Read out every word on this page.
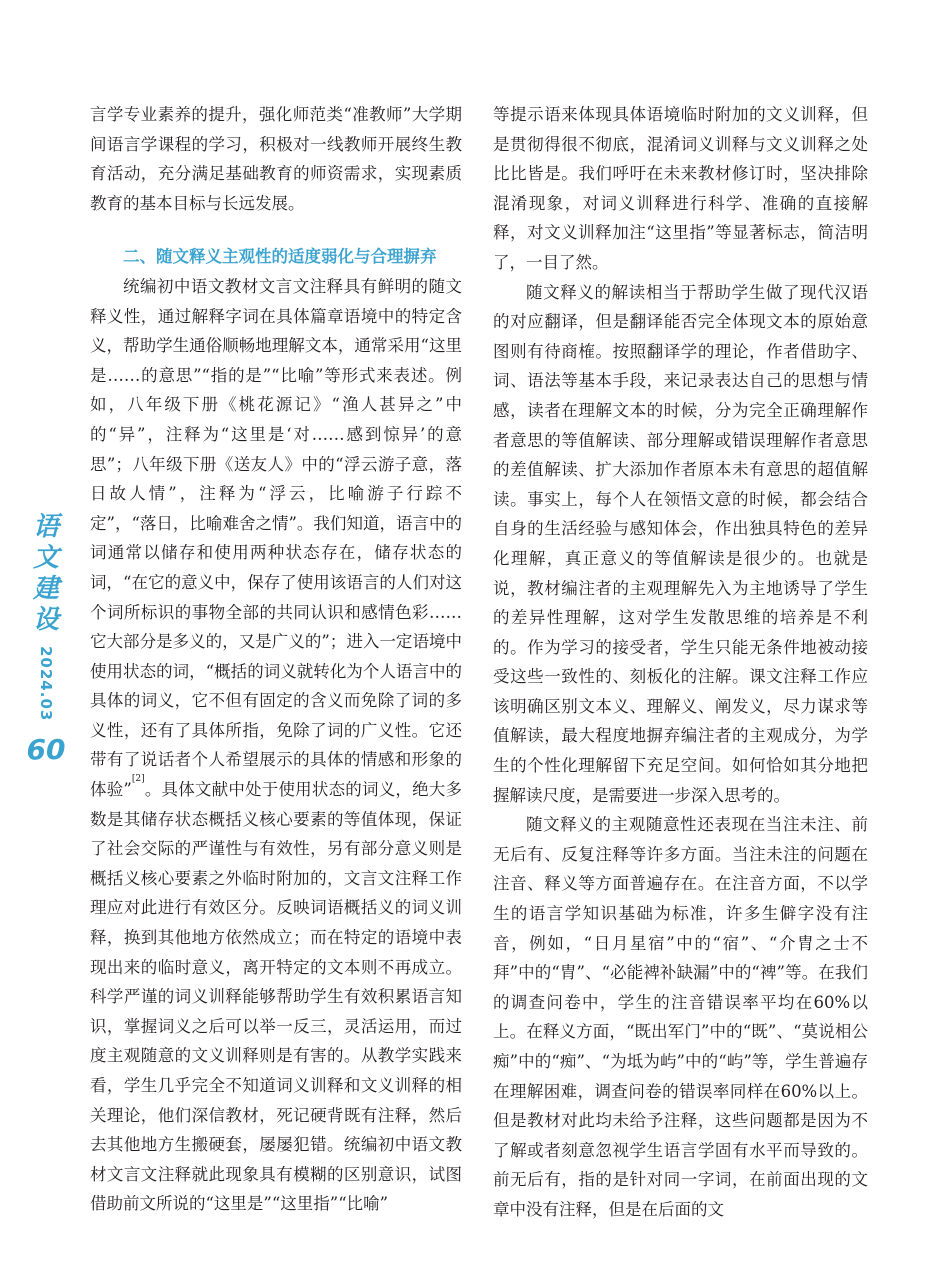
言学专业素养的提升，强化师范类“准教师”大学期间语言学课程的学习，积极对一线教师开展终生教育活动，充分满足基础教育的师资需求，实现素质教育的基本目标与长远发展。

二、随文释义主观性的适度弱化与合理摒弃

统编初中语文教材文言文注释具有鲜明的随文释义性，通过解释字词在具体篇章语境中的特定含义，帮助学生通俗顺畅地理解文本，通常采用“这里是……的意思”“指的是”“比喻”等形式来表述。例如，八年级下册《桃花源记》“渔人甚异之”中的“异”，注释为“这里是‘对……感到惊异’的意思”；八年级下册《送友人》中的“浮云游子意，落日故人情”，注释为“浮云，比喻游子行踪不定”，“落日，比喻难舍之情”。我们知道，语言中的词通常以储存和使用两种状态存在，储存状态的词，“在它的意义中，保存了使用该语言的人们对这个词所标识的事物全部的共同认识和感情色彩……它大部分是多义的，又是广义的”；进入一定语境中使用状态的词，“概括的词义就转化为个人语言中的具体的词义，它不但有固定的含义而免除了词的多义性，还有了具体所指，免除了词的广义性。它还带有了说话者个人希望展示的具体的情感和形象的体验”[2]。具体文献中处于使用状态的词义，绝大多数是其储存状态概括义核心要素的等值体现，保证了社会交际的严谨性与有效性，另有部分意义则是概括义核心要素之外临时附加的，文言文注释工作理应对此进行有效区分。反映词语概括义的词义训释，换到其他地方依然成立；而在特定的语境中表现出来的临时意义，离开特定的文本则不再成立。科学严谨的词义训释能够帮助学生有效积累语言知识，掌握词义之后可以举一反三，灵活运用，而过度主观随意的文义训释则是有害的。从教学实践来看，学生几乎完全不知道词义训释和文义训释的相关理论，他们深信教材，死记硬背既有注释，然后去其他地方生搬硬套，屡屡犯错。统编初中语文教材文言文注释就此现象具有模糊的区别意识，试图借助前文所说的“这里是”“这里指”“比喻”

等提示语来体现具体语境临时附加的文义训释，但是贯彻得很不彻底，混淆词义训释与文义训释之处比比皆是。我们呼吁在未来教材修订时，坚决排除混淆现象，对词义训释进行科学、准确的直接解释，对文义训释加注“这里指”等显著标志，简洁明了，一目了然。

随文释义的解读相当于帮助学生做了现代汉语的对应翻译，但是翻译能否完全体现文本的原始意图则有待商榷。按照翻译学的理论，作者借助字、词、语法等基本手段，来记录表达自己的思想与情感，读者在理解文本的时候，分为完全正确理解作者意思的等值解读、部分理解或错误理解作者意思的差值解读、扩大添加作者原本未有意思的超值解读。事实上，每个人在领悟文意的时候，都会结合自身的生活经验与感知体会，作出独具特色的差异化理解，真正意义的等值解读是很少的。也就是说，教材编注者的主观理解先入为主地诱导了学生的差异性理解，这对学生发散思维的培养是不利的。作为学习的接受者，学生只能无条件地被动接受这些一致性的、刻板化的注解。课文注释工作应该明确区别文本义、理解义、阐发义，尽力谋求等值解读，最大程度地摒弃编注者的主观成分，为学生的个性化理解留下充足空间。如何恰如其分地把握解读尺度，是需要进一步深入思考的。

随文释义的主观随意性还表现在当注未注、前无后有、反复注释等许多方面。当注未注的问题在注音、释义等方面普遍存在。在注音方面，不以学生的语言学知识基础为标准，许多生僻字没有注音，例如，“日月星宿”中的“宿”、“介胄之士不拜”中的“胄”、“必能裨补缺漏”中的“裨”等。在我们的调查问卷中，学生的注音错误率平均在60%以上。在释义方面，“既出军门”中的“既”、“莫说相公痴”中的“痴”、“为坻为屿”中的“屿”等，学生普遍存在理解困难，调查问卷的错误率同样在60%以上。但是教材对此均未给予注释，这些问题都是因为不了解或者刻意忽视学生语言学固有水平而导致的。前无后有，指的是针对同一字词，在前面出现的文章中没有注释，但是在后面的文

语
文
建
设
2024.03
60
